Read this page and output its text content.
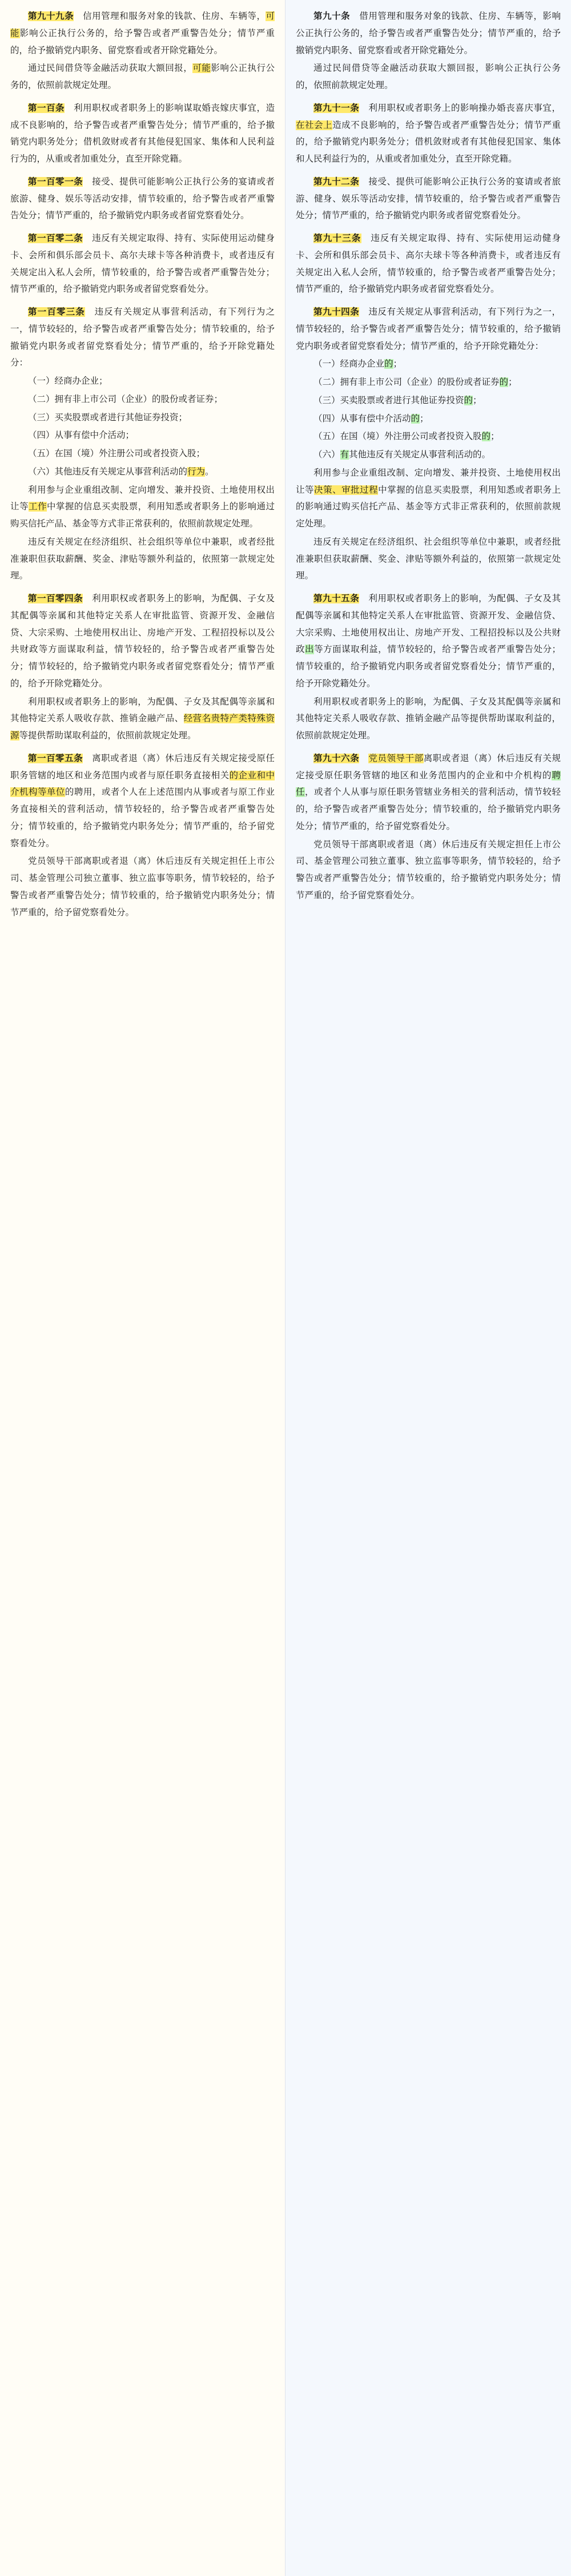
第九十九条　信用管理和服务对象的钱款、住房、车辆等，可能影响公正执行公务的，给予警告或者严重警告处分；情节严重的，给予撤销党内职务、留党察看或者开除党籍处分。

通过民间借贷等金融活动获取大额回报，可能影响公正执行公务的，依照前款规定处理。

第一百条　利用职权或者职务上的影响谋取婚丧嫁庆事宜，造成不良影响的，给予警告或者严重警告处分；情节严重的，给予撤销党内职务处分；借机敛财或者有其他侵犯国家、集体和人民利益行为的，从重或者加重处分，直至开除党籍。

第一百零一条　接受、提供可能影响公正执行公务的宴请或者旅游、健身、娱乐等活动安排，情节较重的，给予警告或者严重警告处分；情节严重的，给予撤销党内职务或者留党察看处分。

第一百零二条　违反有关规定取得、持有、实际使用运动健身卡、会所和俱乐部会员卡、高尔夫球卡等各种消费卡，或者违反有关规定出入私人会所，情节较重的，给予警告或者严重警告处分；情节严重的，给予撤销党内职务或者留党察看处分。

第一百零三条　违反有关规定从事营利活动，有下列行为之一，情节较轻的，给予警告或者严重警告处分；情节较重的，给予撤销党内职务或者留党察看处分；情节严重的，给予开除党籍处分：

（一）经商办企业；

（二）拥有非上市公司（企业）的股份或者证券；

（三）买卖股票或者进行其他证券投资；

（四）从事有偿中介活动；

（五）在国（境）外注册公司或者投资入股；

（六）其他违反有关规定从事营利活动的行为。

利用参与企业重组改制、定向增发、兼并投资、土地使用权出让等工作中掌握的信息买卖股票，利用知悉或者职务上的影响通过购买信托产品、基金等方式非正常获利的，依照前款规定处理。

违反有关规定在经济组织、社会组织等单位中兼职，或者经批准兼职但获取薪酬、奖金、津贴等额外利益的，依照第一款规定处理。

第一百零四条　利用职权或者职务上的影响，为配偶、子女及其配偶等亲属和其他特定关系人在审批监管、资源开发、金融信贷、大宗采购、土地使用权出让、房地产开发、工程招投标以及公共财政等方面谋取利益，情节较轻的，给予警告或者严重警告处分；情节较轻的，给予撤销党内职务或者留党察看处分；情节严重的，给予开除党籍处分。

利用职权或者职务上的影响，为配偶、子女及其配偶等亲属和其他特定关系人吸收存款、推销金融产品、经营名贵特产类特殊资源等提供帮助谋取利益的，依照前款规定处理。

第一百零五条　离职或者退（离）休后违反有关规定接受原任职务管辖的地区和业务范围内或者与原任职务直接相关的企业和中介机构等单位的聘用，或者个人在上述范围内从事或者与原工作业务直接相关的营利活动，情节较轻的，给予警告或者严重警告处分；情节较重的，给予撤销党内职务处分；情节严重的，给予留党察看处分。

党员领导干部离职或者退（离）休后违反有关规定担任上市公司、基金管理公司独立董事、独立监事等职务，情节较轻的，给予警告或者严重警告处分；情节较重的，给予撤销党内职务处分；情节严重的，给予留党察看处分。

第九十条　借用管理和服务对象的钱款、住房、车辆等，影响公正执行公务的，给予警告或者严重警告处分；情节严重的，给予撤销党内职务、留党察看或者开除党籍处分。

通过民间借贷等金融活动获取大额回报，影响公正执行公务的，依照前款规定处理。

第九十一条　利用职权或者职务上的影响操办婚丧喜庆事宜，在社会上造成不良影响的，给予警告或者严重警告处分；情节严重的，给予撤销党内职务处分；借机敛财或者有其他侵犯国家、集体和人民利益行为的，从重或者加重处分，直至开除党籍。

第九十二条　接受、提供可能影响公正执行公务的宴请或者旅游、健身、娱乐等活动安排，情节较重的，给予警告或者严重警告处分；情节严重的，给予撤销党内职务或者留党察看处分。

第九十三条　违反有关规定取得、持有、实际使用运动健身卡、会所和俱乐部会员卡、高尔夫球卡等各种消费卡，或者违反有关规定出入私人会所，情节较重的，给予警告或者严重警告处分；情节严重的，给予撤销党内职务或者留党察看处分。

第九十四条　违反有关规定从事营利活动，有下列行为之一，情节较轻的，给予警告或者严重警告处分；情节较重的，给予撤销党内职务或者留党察看处分；情节严重的，给予开除党籍处分：

（一）经商办企业的；

（二）拥有非上市公司（企业）的股份或者证券的；

（三）买卖股票或者进行其他证券投资的；

（四）从事有偿中介活动的；

（五）在国（境）外注册公司或者投资入股的；

（六）有其他违反有关规定从事营利活动的。

利用参与企业重组改制、定向增发、兼并投资、土地使用权出让等决策、审批过程中掌握的信息买卖股票，利用知悉或者职务上的影响通过购买信托产品、基金等方式非正常获利的，依照前款规定处理。

违反有关规定在经济组织、社会组织等单位中兼职，或者经批准兼职但获取薪酬、奖金、津贴等额外利益的，依照第一款规定处理。

第九十五条　利用职权或者职务上的影响，为配偶、子女及其配偶等亲属和其他特定关系人在审批监管、资源开发、金融信贷、大宗采购、土地使用权出让、房地产开发、工程招投标以及公共财政出等方面谋取利益，情节较轻的，给予警告或者严重警告处分；情节较重的，给予撤销党内职务或者留党察看处分；情节严重的，给予开除党籍处分。

利用职权或者职务上的影响，为配偶、子女及其配偶等亲属和其他特定关系人吸收存款、推销金融产品等提供帮助谋取利益的，依照前款规定处理。

第九十六条　 党员领导干部离职或者退（离）休后违反有关规定接受原任职务管辖的地区和业务范围内的企业和中介机构的聘任，或者个人从事与原任职务管辖业务相关的营利活动，情节较轻的，给予警告或者严重警告处分；情节较重的，给予撤销党内职务处分；情节严重的，给予留党察看处分。

党员领导干部离职或者退（离）休后违反有关规定担任上市公司、基金管理公司独立董事、独立监事等职务，情节较轻的，给予警告或者严重警告处分；情节较重的，给予撤销党内职务处分；情节严重的，给予留党察看处分。
